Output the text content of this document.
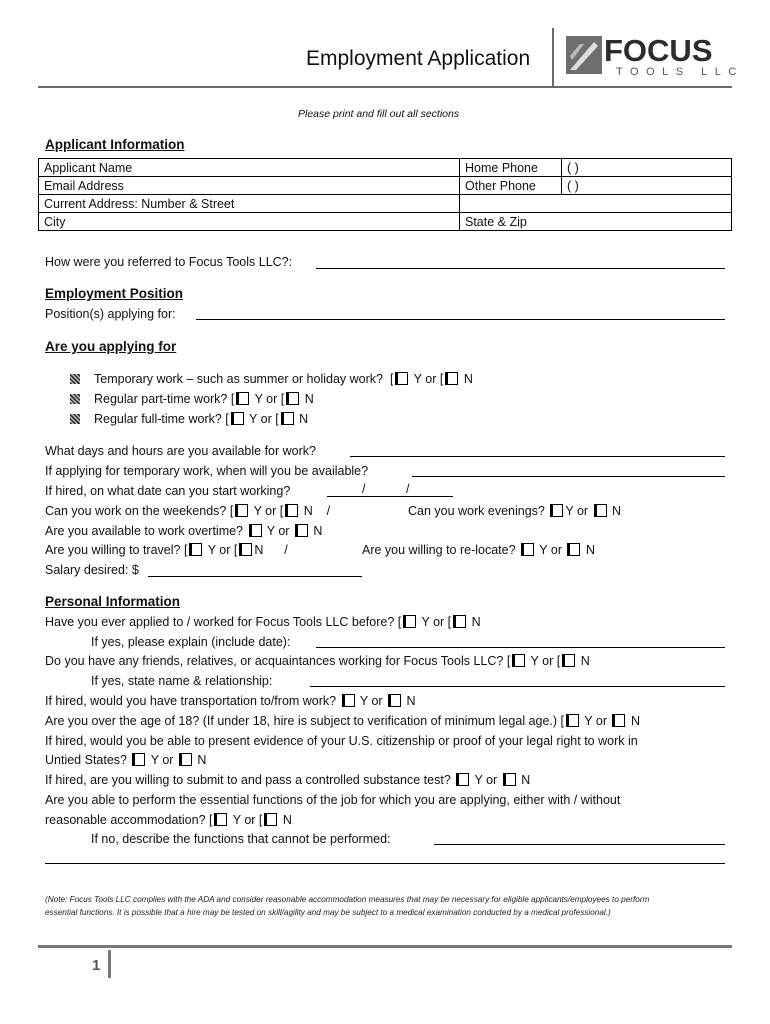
Employment Application FOCUS
TOOLS LLC
Please print and fill out all sections
Applicant Information
Applicant Name		Home Phone	( )
Email Address		Other Phone	( )
Current Address: Number & Street			
City		State & Zip	
How were you referred to Focus Tools LLC?:
Employment Position
Position(s) applying for:
Are you applying for
Temporary work – such as summer or holiday work?  [ Y or [ N
Regular part-time work? [ Y or [ N
Regular full-time work? [ Y or [ N
What days and hours are you available for work?
If applying for temporary work, when will you be available?
If hired, on what date can you start working?	/	/
Can you work on the weekends? [ Y or [ N /	Can you work evenings? Y or N
Are you available to work overtime? Y or N
Are you willing to travel? [ Y or [ N /	Are you willing to re-locate? Y or N
Salary desired: $
Personal Information
Have you ever applied to / worked for Focus Tools LLC before? [ Y or [ N
If yes, please explain (include date):
Do you have any friends, relatives, or acquaintances working for Focus Tools LLC? [ Y or [ N
If yes, state name & relationship:
If hired, would you have transportation to/from work? Y or N
Are you over the age of 18? (If under 18, hire is subject to verification of minimum legal age.) [ Y or N
If hired, would you be able to present evidence of your U.S. citizenship or proof of your legal right to work in
Untied States? Y or N
If hired, are you willing to submit to and pass a controlled substance test? Y or N
Are you able to perform the essential functions of the job for which you are applying, either with / without
reasonable accommodation? [ Y or [ N
If no, describe the functions that cannot be performed:
(Note: Focus Tools LLC complies with the ADA and consider reasonable accommodation measures that may be necessary for eligible applicants/employees to perform
essential functions. It is possible that a hire may be tested on skill/agility and may be subject to a medical examination conducted by a medical professional.)
1
